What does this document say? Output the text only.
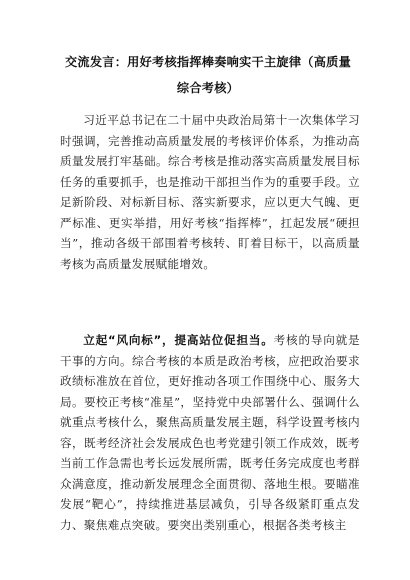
交流发言：用好考核指挥棒奏响实干主旋律（高质量综合考核）

习近平总书记在二十届中央政治局第十一次集体学习时强调，完善推动高质量发展的考核评价体系，为推动高质量发展打牢基础。综合考核是推动落实高质量发展目标任务的重要抓手，也是推动干部担当作为的重要手段。立足新阶段、对标新目标、落实新要求，应以更大气魄、更严标准、更实举措，用好考核“指挥棒”，扛起发展“硬担当”，推动各级干部围着考核转、盯着目标干，以高质量考核为高质量发展赋能增效。

立起“风向标”，提高站位促担当。考核的导向就是干事的方向。综合考核的本质是政治考核，应把政治要求政绩标准放在首位，更好推动各项工作围绕中心、服务大局。要校正考核“准星”，坚持党中央部署什么、强调什么就重点考核什么，聚焦高质量发展主题，科学设置考核内容，既考经济社会发展成色也考党建引领工作成效，既考当前工作急需也考长远发展所需，既考任务完成度也考群众满意度，推动新发展理念全面贯彻、落地生根。要瞄准发展“靶心”，持续推进基层减负，引导各级紧盯重点发力、聚焦难点突破。要突出类别重心，根据各类考核主
